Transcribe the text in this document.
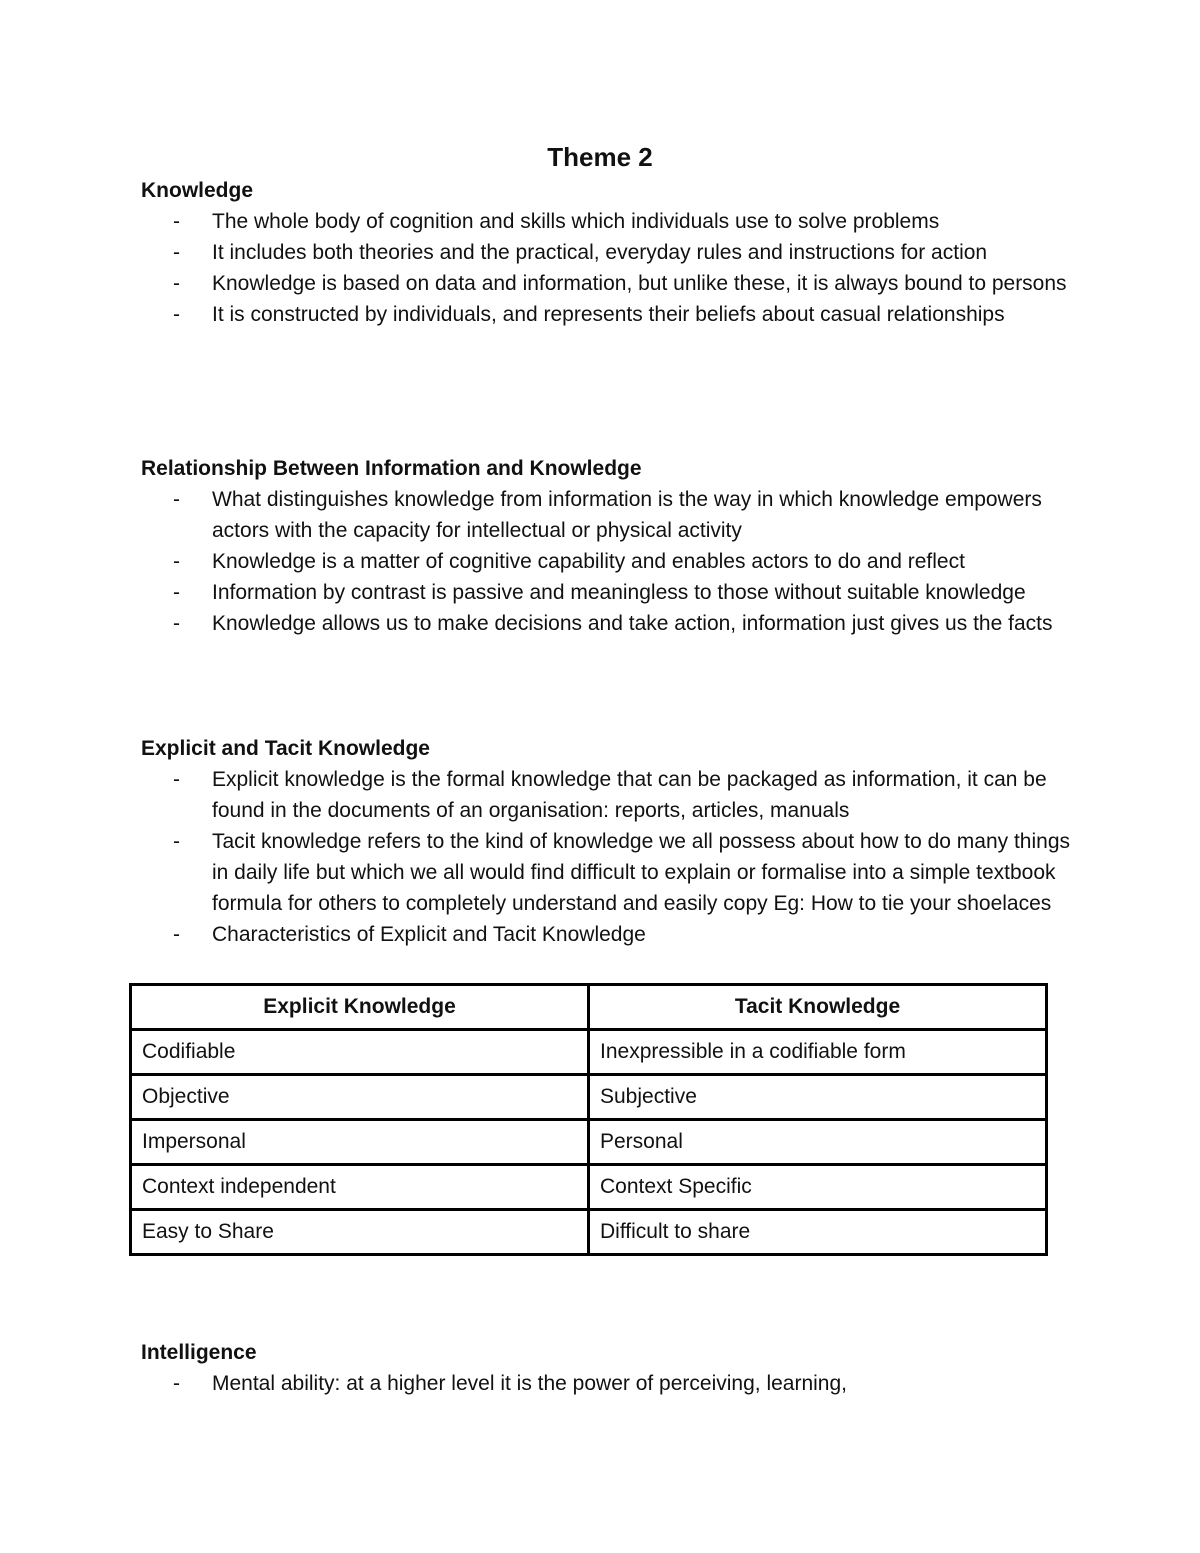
Theme 2
Knowledge
- The whole body of cognition and skills which individuals use to solve problems
- It includes both theories and the practical, everyday rules and instructions for action
- Knowledge is based on data and information, but unlike these, it is always bound to persons
- It is constructed by individuals, and represents their beliefs about casual relationships
Relationship Between Information and Knowledge
- What distinguishes knowledge from information is the way in which knowledge empowers actors with the capacity for intellectual or physical activity
- Knowledge is a matter of cognitive capability and enables actors to do and reflect
- Information by contrast is passive and meaningless to those without suitable knowledge
- Knowledge allows us to make decisions and take action, information just gives us the facts
Explicit and Tacit Knowledge
- Explicit knowledge is the formal knowledge that can be packaged as information, it can be found in the documents of an organisation: reports, articles, manuals
- Tacit knowledge refers to the kind of knowledge we all possess about how to do many things in daily life but which we all would find difficult to explain or formalise into a simple textbook formula for others to completely understand and easily copy Eg: How to tie your shoelaces
- Characteristics of Explicit and Tacit Knowledge
Explicit Knowledge	Tacit Knowledge
Codifiable	Inexpressible in a codifiable form
Objective	Subjective
Impersonal	Personal
Context independent	Context Specific
Easy to Share	Difficult to share
Intelligence
- Mental ability: at a higher level it is the power of perceiving, learning,
